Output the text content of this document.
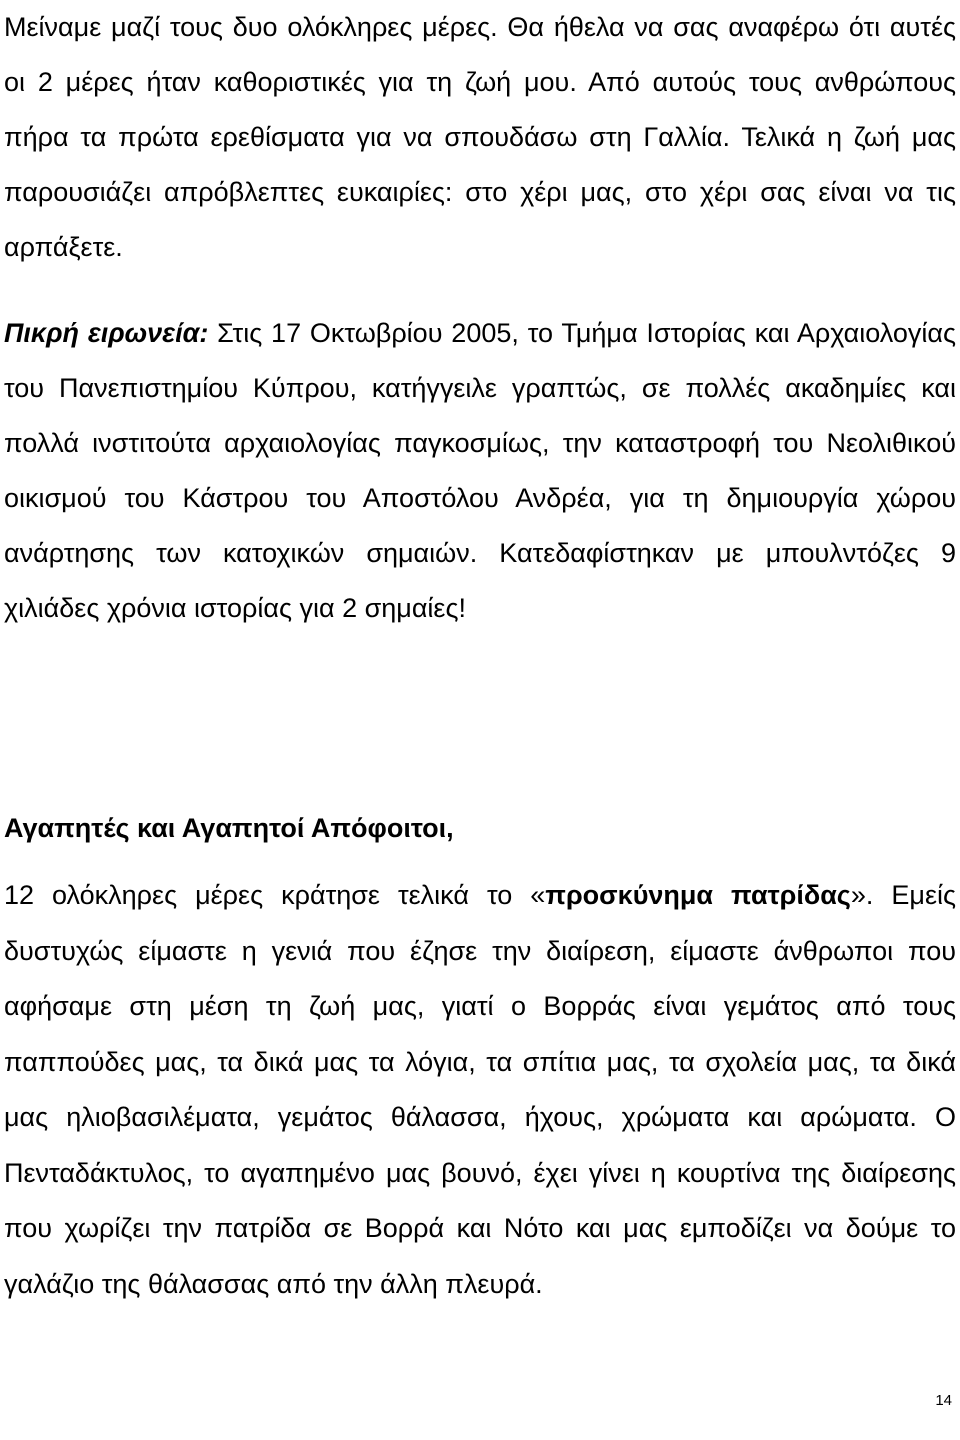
Μείναμε μαζί τους δυο ολόκληρες μέρες. Θα ήθελα να σας αναφέρω ότι αυτές οι 2 μέρες ήταν καθοριστικές για τη ζωή μου. Από αυτούς τους ανθρώπους πήρα τα πρώτα ερεθίσματα για να σπουδάσω στη Γαλλία. Τελικά η ζωή μας παρουσιάζει απρόβλεπτες ευκαιρίες: στο χέρι μας, στο χέρι σας είναι να τις αρπάξετε.

Πικρή ειρωνεία: Στις 17 Οκτωβρίου 2005, το Τμήμα Ιστορίας και Αρχαιολογίας του Πανεπιστημίου Κύπρου, κατήγγειλε γραπτώς, σε πολλές ακαδημίες και πολλά ινστιτούτα αρχαιολογίας παγκοσμίως, την καταστροφή του Νεολιθικού οικισμού του Κάστρου του Αποστόλου Ανδρέα, για τη δημιουργία χώρου ανάρτησης των κατοχικών σημαιών. Κατεδαφίστηκαν με μπουλντόζες 9 χιλιάδες χρόνια ιστορίας για 2 σημαίες!

Αγαπητές και Αγαπητοί Απόφοιτοι,

12 ολόκληρες μέρες κράτησε τελικά το «προσκύνημα πατρίδας». Εμείς δυστυχώς είμαστε η γενιά που έζησε την διαίρεση, είμαστε άνθρωποι που αφήσαμε στη μέση τη ζωή μας, γιατί ο Βορράς είναι γεμάτος από τους παππούδες μας, τα δικά μας τα λόγια, τα σπίτια μας, τα σχολεία μας, τα δικά μας ηλιοβασιλέματα, γεμάτος θάλασσα, ήχους, χρώματα και αρώματα. Ο Πενταδάκτυλος, το αγαπημένο μας βουνό, έχει γίνει η κουρτίνα της διαίρεσης που χωρίζει την πατρίδα σε Βορρά και Νότο και μας εμποδίζει να δούμε το γαλάζιο της θάλασσας από την άλλη πλευρά.

14
